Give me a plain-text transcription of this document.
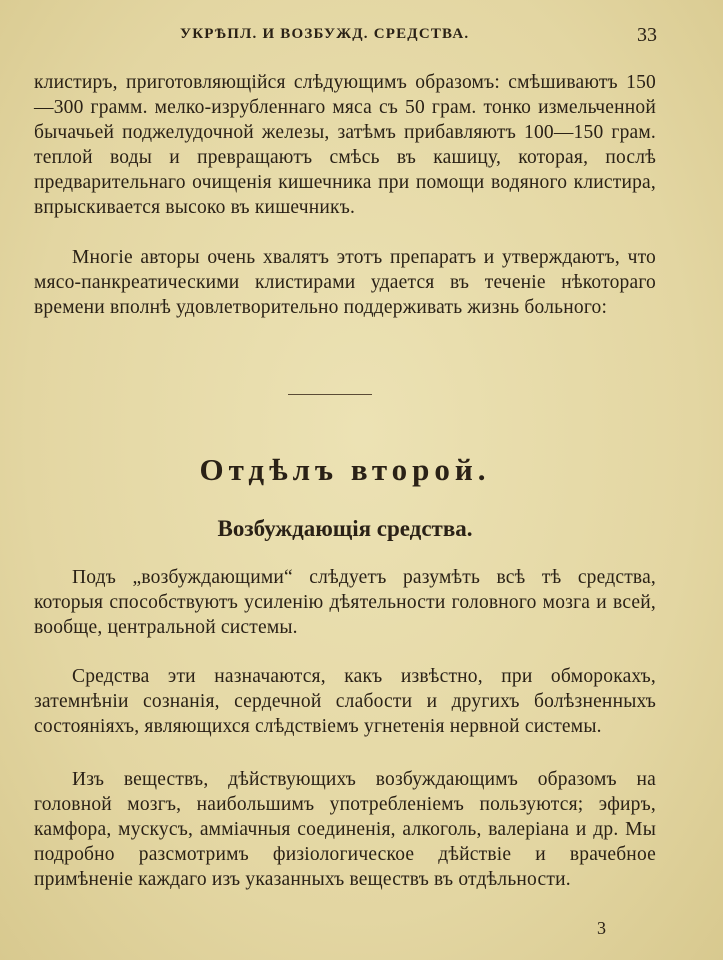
УКРѢПЛ. И ВОЗБУЖД. СРЕДСТВА.	33

клистиръ, приготовляющійся слѣдующимъ образомъ: смѣшиваютъ 150—300 грамм. мелко-изрубленнаго мяса съ 50 грам. тонко измельченной бычачьей поджелудочной железы, затѣмъ прибавляютъ 100—150 грам. теплой воды и превращаютъ смѣсь въ кашицу, которая, послѣ предварительнаго очищенія кишечника при помощи водяного клистира, впрыскивается высоко въ кишечникъ.

Многіе авторы очень хвалятъ этотъ препаратъ и утверждаютъ, что мясо-панкреатическими клистирами удается въ теченіе нѣкотораго времени вполнѣ удовлетворительно поддерживать жизнь больного:

Отдѣлъ второй.
Возбуждающія средства.

Подъ „возбуждающими“ слѣдуетъ разумѣть всѣ тѣ средства, которыя способствуютъ усиленію дѣятельности головного мозга и всей, вообще, центральной системы.

Средства эти назначаются, какъ извѣстно, при обморокахъ, затемнѣніи сознанія, сердечной слабости и другихъ болѣзненныхъ состояніяхъ, являющихся слѣдствіемъ угнетенія нервной системы.

Изъ веществъ, дѣйствующихъ возбуждающимъ образомъ на головной мозгъ, наибольшимъ употребленіемъ пользуются; эфиръ, камфора, мускусъ, амміачныя соединенія, алкоголь, валеріана и др. Мы подробно разсмотримъ физіологическое дѣйствіе и врачебное примѣненіе каждаго изъ указанныхъ веществъ въ отдѣльности.

3
